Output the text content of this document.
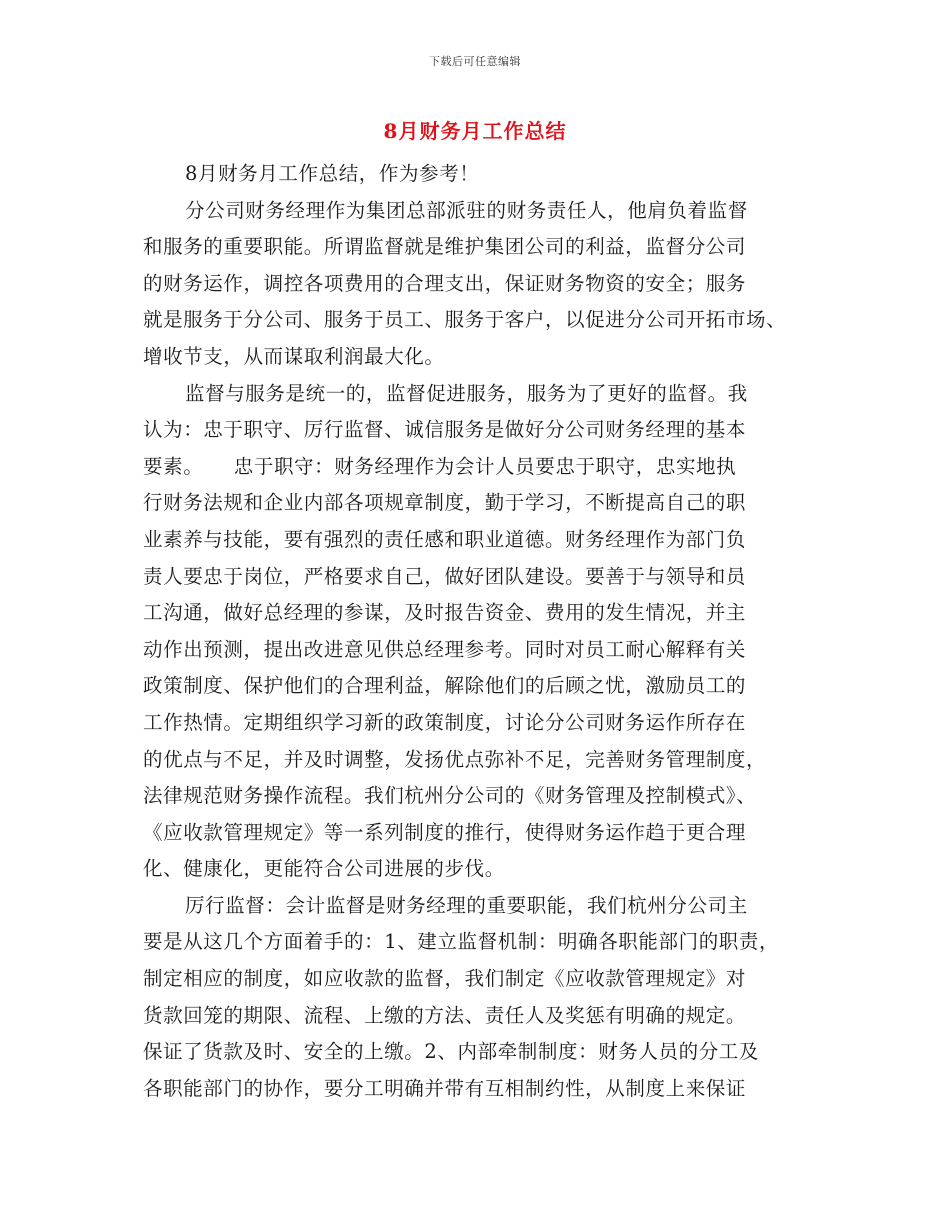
下载后可任意编辑
8月财务月工作总结
8月财务月工作总结，作为参考！
分公司财务经理作为集团总部派驻的财务责任人，他肩负着监督
和服务的重要职能。所谓监督就是维护集团公司的利益，监督分公司
的财务运作，调控各项费用的合理支出，保证财务物资的安全；服务
就是服务于分公司、服务于员工、服务于客户，以促进分公司开拓市场、
增收节支，从而谋取利润最大化。
监督与服务是统一的，监督促进服务，服务为了更好的监督。我
认为：忠于职守、厉行监督、诚信服务是做好分公司财务经理的基本
要素。　　忠于职守：财务经理作为会计人员要忠于职守，忠实地执
行财务法规和企业内部各项规章制度，勤于学习，不断提高自己的职
业素养与技能，要有强烈的责任感和职业道德。财务经理作为部门负
责人要忠于岗位，严格要求自己，做好团队建设。要善于与领导和员
工沟通，做好总经理的参谋，及时报告资金、费用的发生情况，并主
动作出预测，提出改进意见供总经理参考。同时对员工耐心解释有关
政策制度、保护他们的合理利益，解除他们的后顾之忧，激励员工的
工作热情。定期组织学习新的政策制度，讨论分公司财务运作所存在
的优点与不足，并及时调整，发扬优点弥补不足，完善财务管理制度，
法律规范财务操作流程。我们杭州分公司的《财务管理及控制模式》、
《应收款管理规定》等一系列制度的推行，使得财务运作趋于更合理
化、健康化，更能符合公司进展的步伐。
厉行监督：会计监督是财务经理的重要职能，我们杭州分公司主
要是从这几个方面着手的：1、建立监督机制：明确各职能部门的职责，
制定相应的制度，如应收款的监督，我们制定《应收款管理规定》对
货款回笼的期限、流程、上缴的方法、责任人及奖惩有明确的规定。
保证了货款及时、安全的上缴。2、内部牵制制度：财务人员的分工及
各职能部门的协作，要分工明确并带有互相制约性，从制度上来保证
